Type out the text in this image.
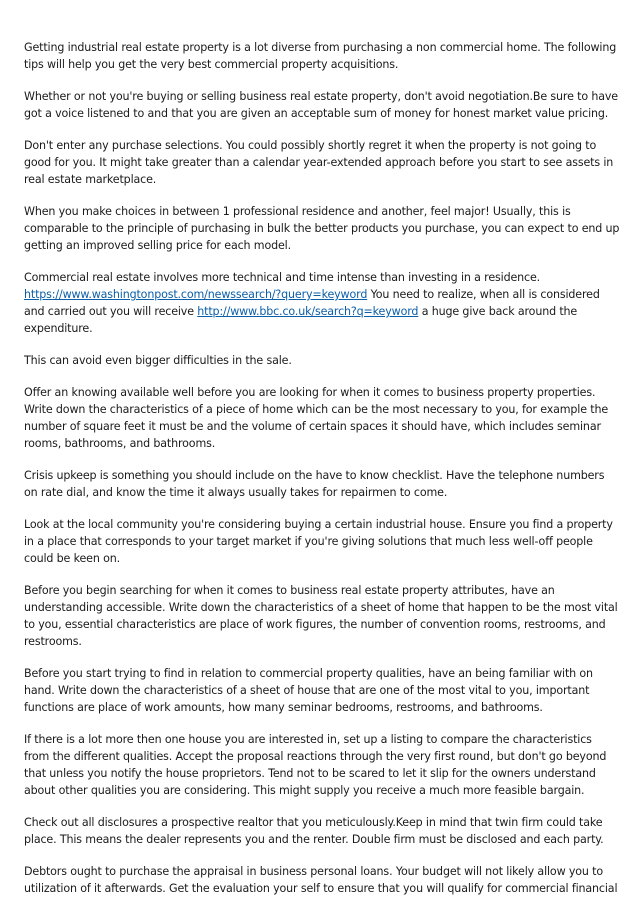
Getting industrial real estate property is a lot diverse from purchasing a non commercial home. The following tips will help you get the very best commercial property acquisitions.

Whether or not you're buying or selling business real estate property, don't avoid negotiation.Be sure to have got a voice listened to and that you are given an acceptable sum of money for honest market value pricing.

Don't enter any purchase selections. You could possibly shortly regret it when the property is not going to good for you. It might take greater than a calendar year-extended approach before you start to see assets in real estate marketplace.

When you make choices in between 1 professional residence and another, feel major! Usually, this is comparable to the principle of purchasing in bulk the better products you purchase, you can expect to end up getting an improved selling price for each model.

Commercial real estate involves more technical and time intense than investing in a residence. https://www.washingtonpost.com/newssearch/?query=keyword You need to realize, when all is considered and carried out you will receive http://www.bbc.co.uk/search?q=keyword a huge give back around the expenditure.

This can avoid even bigger difficulties in the sale.

Offer an knowing available well before you are looking for when it comes to business property properties. Write down the characteristics of a piece of home which can be the most necessary to you, for example the number of square feet it must be and the volume of certain spaces it should have, which includes seminar rooms, bathrooms, and bathrooms.

Crisis upkeep is something you should include on the have to know checklist. Have the telephone numbers on rate dial, and know the time it always usually takes for repairmen to come.

Look at the local community you're considering buying a certain industrial house. Ensure you find a property in a place that corresponds to your target market if you're giving solutions that much less well-off people could be keen on.

Before you begin searching for when it comes to business real estate property attributes, have an understanding accessible. Write down the characteristics of a sheet of home that happen to be the most vital to you, essential characteristics are place of work figures, the number of convention rooms, restrooms, and restrooms.

Before you start trying to find in relation to commercial property qualities, have an being familiar with on hand. Write down the characteristics of a sheet of house that are one of the most vital to you, important functions are place of work amounts, how many seminar bedrooms, restrooms, and bathrooms.

If there is a lot more then one house you are interested in, set up a listing to compare the characteristics from the different qualities. Accept the proposal reactions through the very first round, but don't go beyond that unless you notify the house proprietors. Tend not to be scared to let it slip for the owners understand about other qualities you are considering. This might supply you receive a much more feasible bargain.

Check out all disclosures a prospective realtor that you meticulously.Keep in mind that twin firm could take place. This means the dealer represents you and the renter. Double firm must be disclosed and each party.

Debtors ought to purchase the appraisal in business personal loans. Your budget will not likely allow you to utilization of it afterwards. Get the evaluation your self to ensure that you will qualify for commercial financial
